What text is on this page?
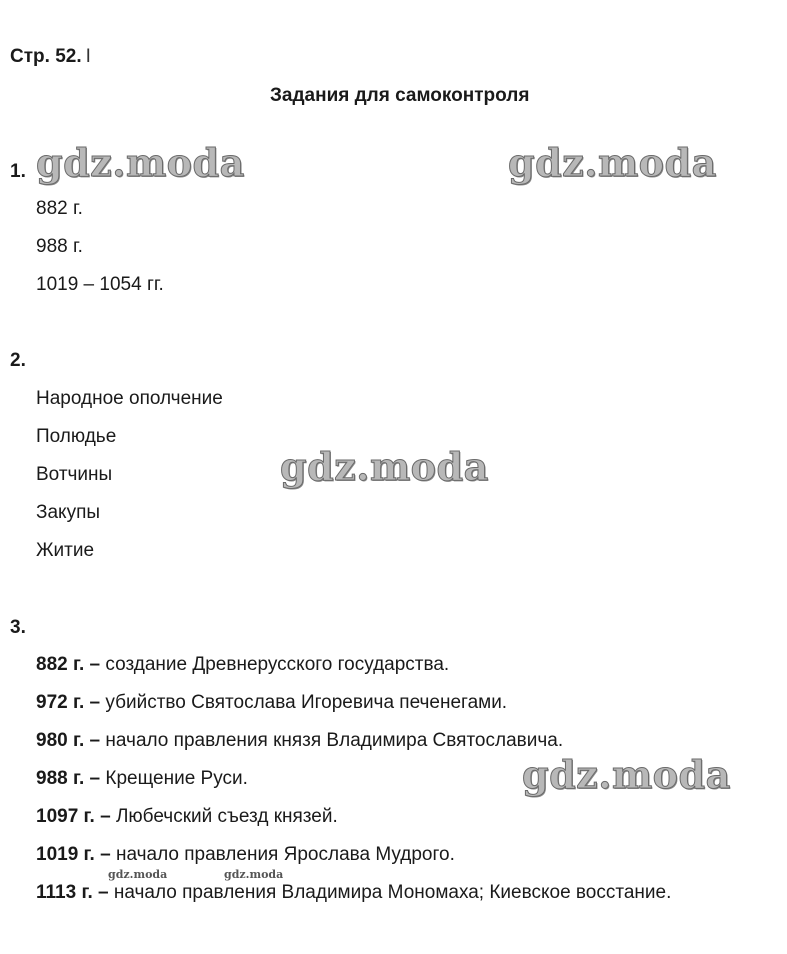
Стр. 52. I
Задания для самоконтроля
1.
882 г.
988 г.
1019 – 1054 гг.
2.
Народное ополчение
Полюдье
Вотчины
Закупы
Житие
3.
882 г. – создание Древнерусского государства.
972 г. – убийство Святослава Игоревича печенегами.
980 г. – начало правления князя Владимира Святославича.
988 г. – Крещение Руси.
1097 г. – Любечский съезд князей.
1019 г. – начало правления Ярослава Мудрого.
1113 г. – начало правления Владимира Мономаха; Киевское восстание.
gdz.moda	gdz.moda
gdz.moda
gdz.moda
gdz.moda	gdz.moda
